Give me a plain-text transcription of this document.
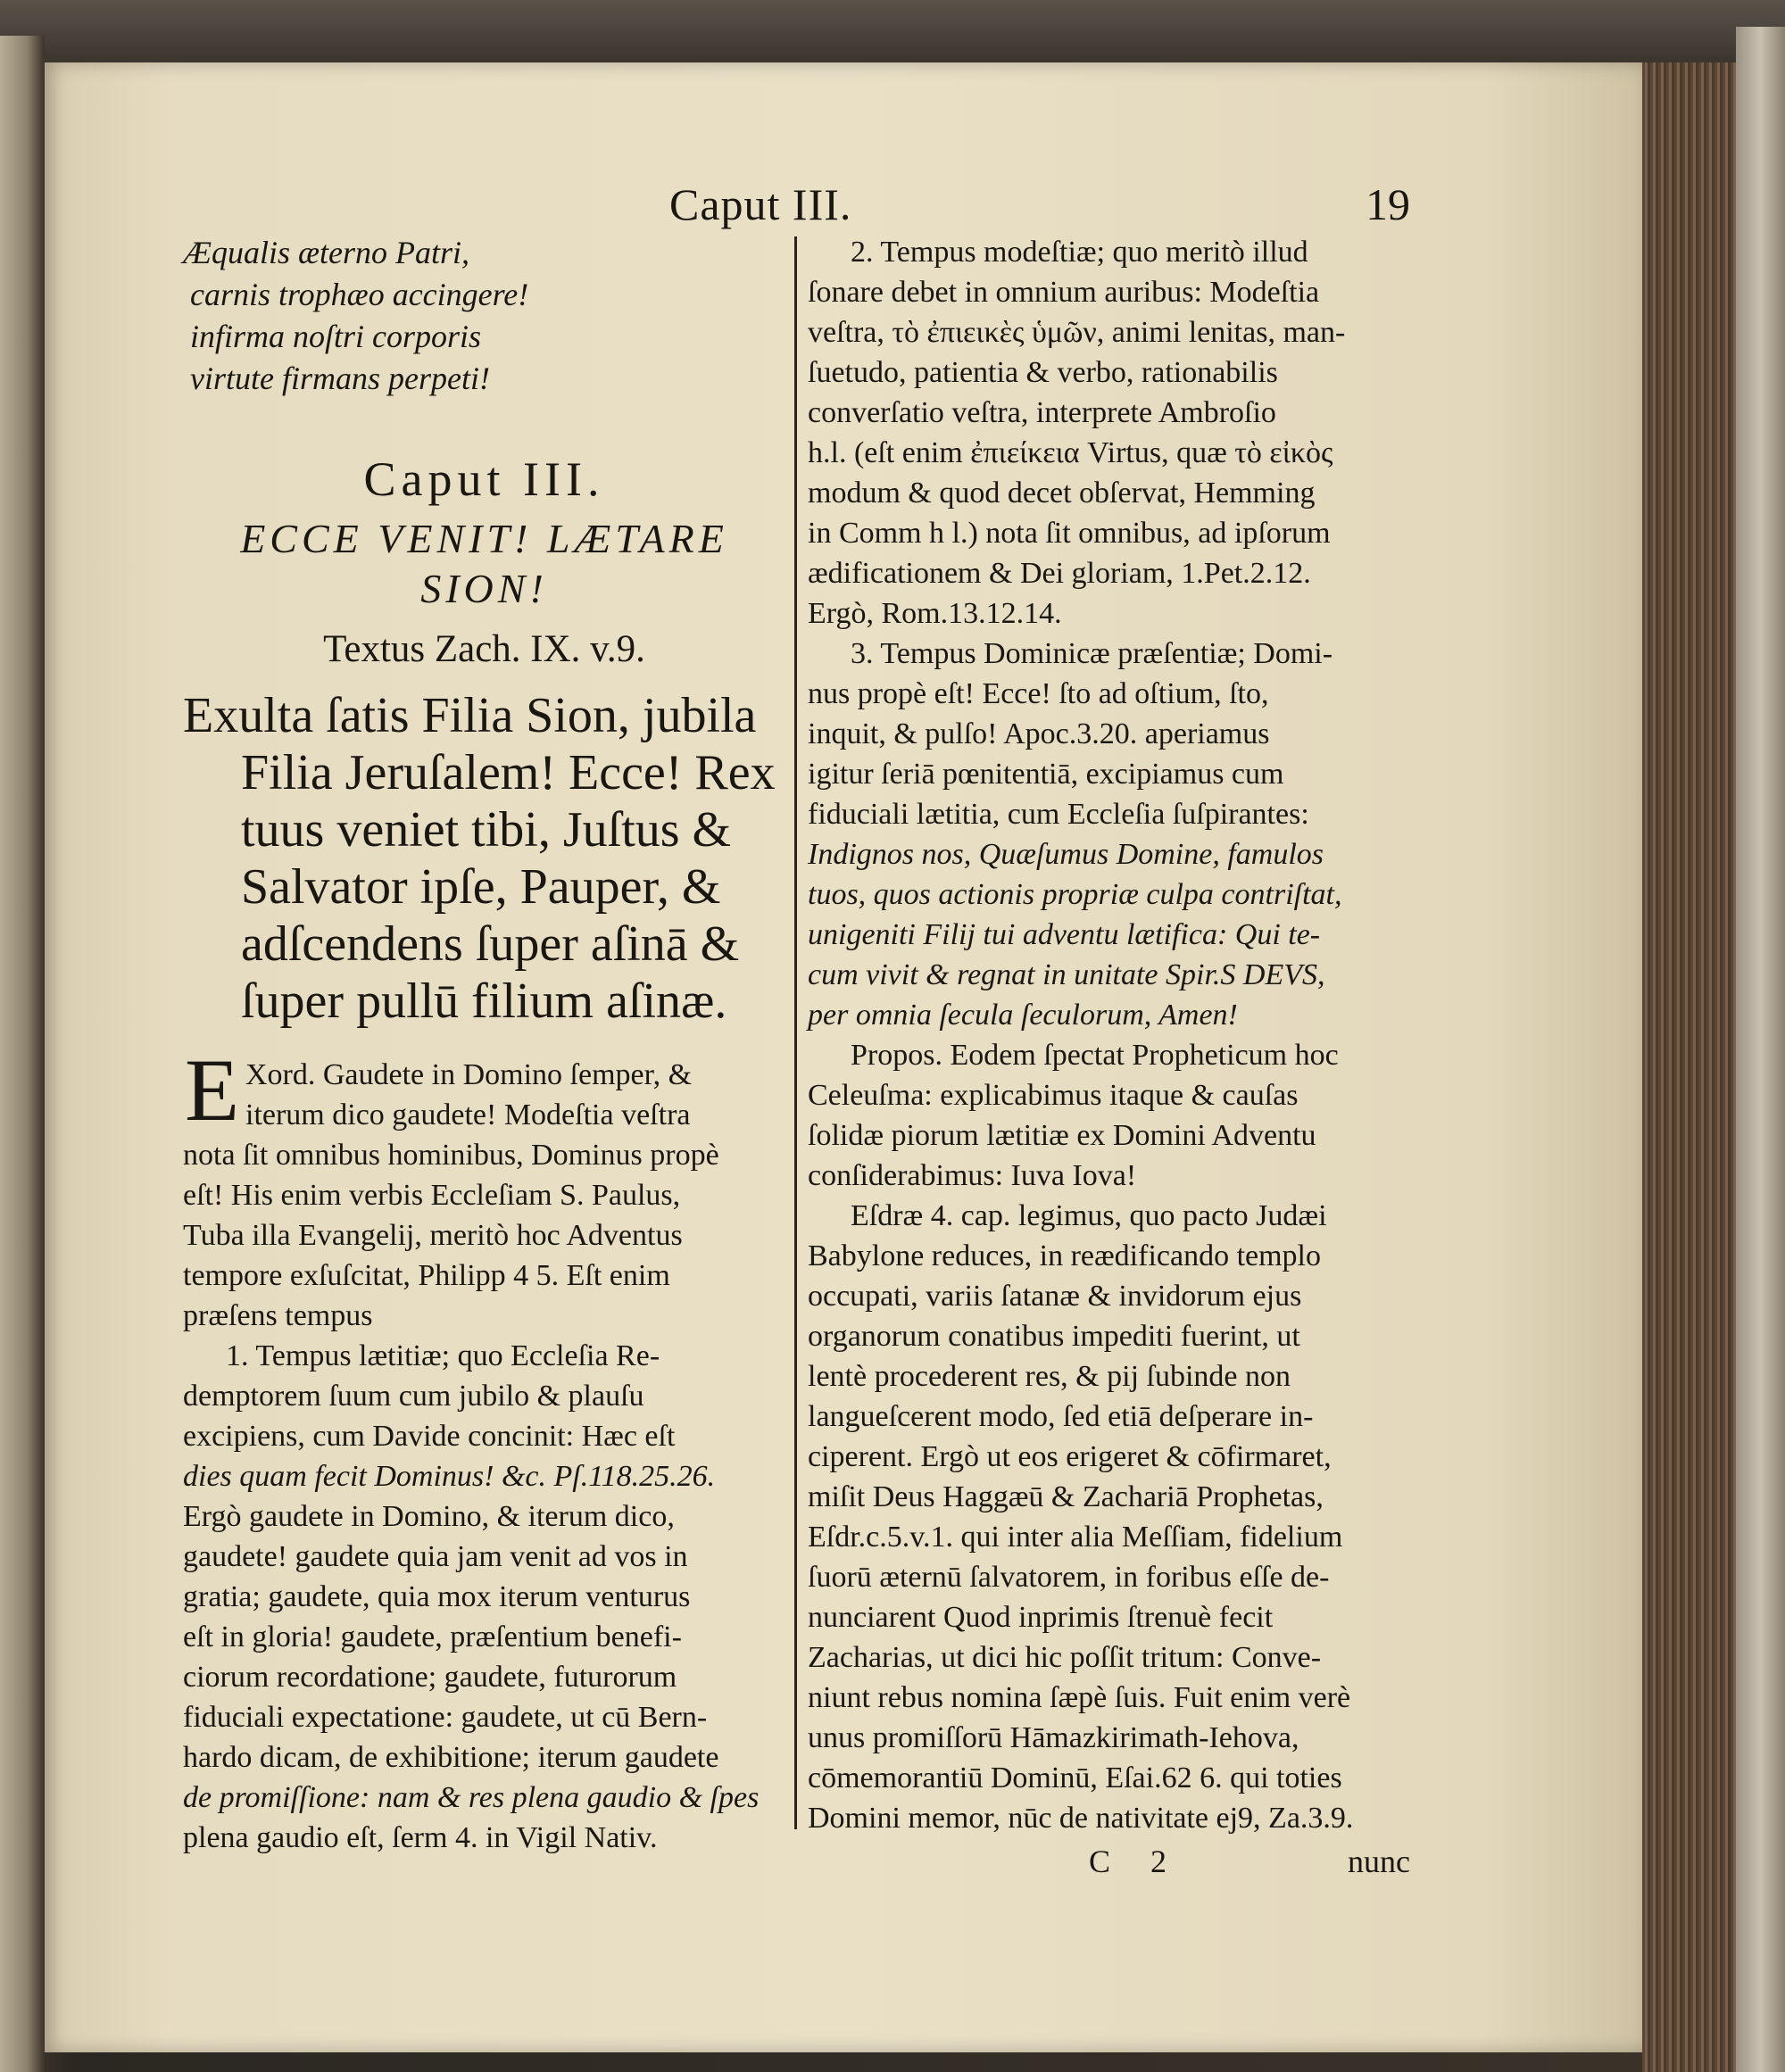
Caput III.	19

Æqualis æterno Patri,

carnis trophæo accingere!

infirma noſtri corporis

virtute firmans perpeti!

Caput III.
ECCE VENIT! LÆTARE
SION!
Textus Zach. IX. v.9.

Exulta ſatis Filia Sion, jubila

Filia Jeruſalem! Ecce! Rex

tuus veniet tibi, Juſtus &

Salvator ipſe, Pauper, &

adſcendens ſuper aſinā &

ſuper pullū filium aſinæ.

E Xord. Gaudete in Domino ſemper, &

iterum dico gaudete! Modeſtia veſtra

nota ſit omnibus hominibus, Dominus propè

eſt! His enim verbis Eccleſiam S. Paulus,

Tuba illa Evangelij, meritò hoc Adventus

tempore exſuſcitat, Philipp 4 5. Eſt enim

præſens tempus

1. Tempus lætitiæ; quo Eccleſia Re-

demptorem ſuum cum jubilo & plauſu

excipiens, cum Davide concinit: Hæc eſt

dies quam fecit Dominus! &c. Pſ.118.25.26.

Ergò gaudete in Domino, & iterum dico,

gaudete! gaudete quia jam venit ad vos in

gratia; gaudete, quia mox iterum venturus

eſt in gloria! gaudete, præſentium benefi-

ciorum recordatione; gaudete, futurorum

fiduciali expectatione: gaudete, ut cū Bern-

hardo dicam, de exhibitione; iterum gaudete

de promiſſione: nam & res plena gaudio & ſpes

plena gaudio eſt, ſerm 4. in Vigil Nativ.

2. Tempus modeſtiæ; quo meritò illud

ſonare debet in omnium auribus: Modeſtia

veſtra, τὸ ἐπιεικὲς ὑμῶν, animi lenitas, man-

ſuetudo, patientia & verbo, rationabilis

converſatio veſtra, interprete Ambroſio

h.l. (eſt enim ἐπιείκεια Virtus, quæ τὸ εἰκὸς

modum & quod decet obſervat, Hemming

in Comm h l.) nota ſit omnibus, ad ipſorum

ædificationem & Dei gloriam, 1.Pet.2.12.

Ergò, Rom.13.12.14.

3. Tempus Dominicæ præſentiæ; Domi-

nus propè eſt! Ecce! ſto ad oſtium, ſto,

inquit, & pulſo! Apoc.3.20. aperiamus

igitur ſeriā pœnitentiā, excipiamus cum

fiduciali lætitia, cum Eccleſia ſuſpirantes:

Indignos nos, Quæſumus Domine, famulos

tuos, quos actionis propriæ culpa contriſtat,

unigeniti Filij tui adventu lætifica: Qui te-

cum vivit & regnat in unitate Spir.S DEVS,

per omnia ſecula ſeculorum, Amen!

Propos. Eodem ſpectat Propheticum hoc

Celeuſma: explicabimus itaque & cauſas

ſolidæ piorum lætitiæ ex Domini Adventu

conſiderabimus: Iuva Iova!

Eſdræ 4. cap. legimus, quo pacto Judæi

Babylone reduces, in reædificando templo

occupati, variis ſatanæ & invidorum ejus

organorum conatibus impediti fuerint, ut

lentè procederent res, & pij ſubinde non

langueſcerent modo, ſed etiā deſperare in-

ciperent. Ergò ut eos erigeret & cōfirmaret,

miſit Deus Haggæū & Zachariā Prophetas,

Eſdr.c.5.v.1. qui inter alia Meſſiam, fidelium

ſuorū æternū ſalvatorem, in foribus eſſe de-

nunciarent Quod inprimis ſtrenuè fecit

Zacharias, ut dici hic poſſit tritum: Conve-

niunt rebus nomina ſæpè ſuis. Fuit enim verè

unus promiſſorū Hāmazkirimath-Iehova,

cōmemorantiū Dominū, Eſai.62 6. qui toties

Domini memor, nūc de nativitate ej9, Za.3.9.

C 2	nunc
